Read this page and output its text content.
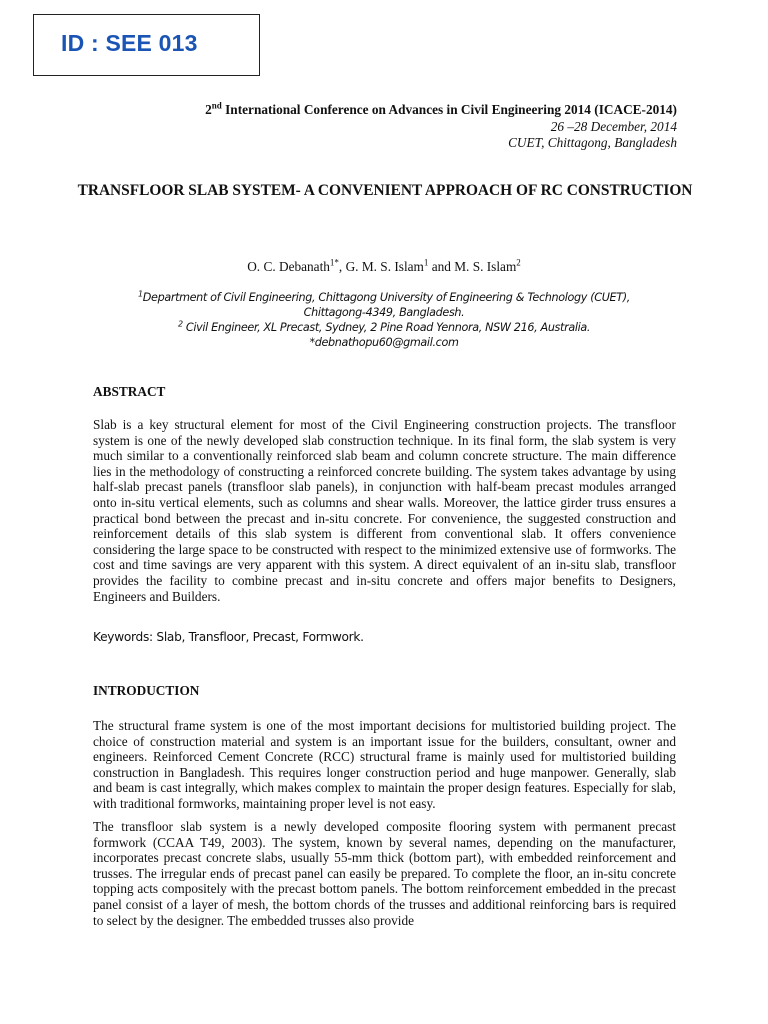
ID : SEE 013

2nd International Conference on Advances in Civil Engineering 2014 (ICACE-2014)
26 –28 December, 2014
CUET, Chittagong, Bangladesh
TRANSFLOOR SLAB SYSTEM- A CONVENIENT APPROACH OF RC CONSTRUCTION
O. C. Debanath$^{1*}$, G. M. S. Islam$^1$ and M. S. Islam$^2$
$^1$Department of Civil Engineering, Chittagong University of Engineering & Technology (CUET),
Chittagong-4349, Bangladesh.
$^2$ Civil Engineer, XL Precast, Sydney, 2 Pine Road Yennora, NSW 216, Australia.
*debnathopu60@gmail.com
ABSTRACT

Slab is a key structural element for most of the Civil Engineering construction projects. The transfloor system is one of the newly developed slab construction technique. In its final form, the slab system is very much similar to a conventionally reinforced slab beam and column concrete structure. The main difference lies in the methodology of constructing a reinforced concrete building. The system takes advantage by using half-slab precast panels (transfloor slab panels), in conjunction with half-beam precast modules arranged onto in-situ vertical elements, such as columns and shear walls. Moreover, the lattice girder truss ensures a practical bond between the precast and in-situ concrete. For convenience, the suggested construction and reinforcement details of this slab system is different from conventional slab. It offers convenience considering the large space to be constructed with respect to the minimized extensive use of formworks. The cost and time savings are very apparent with this system. A direct equivalent of an in-situ slab, transfloor provides the facility to combine precast and in-situ concrete and offers major benefits to Designers, Engineers and Builders.

Keywords: Slab, Transfloor, Precast, Formwork.
INTRODUCTION

The structural frame system is one of the most important decisions for multistoried building project. The choice of construction material and system is an important issue for the builders, consultant, owner and engineers. Reinforced Cement Concrete (RCC) structural frame is mainly used for multistoried building construction in Bangladesh. This requires longer construction period and huge manpower. Generally, slab and beam is cast integrally, which makes complex to maintain the proper design features. Especially for slab, with traditional formworks, maintaining proper level is not easy.

The transfloor slab system is a newly developed composite flooring system with permanent precast formwork (CCAA T49, 2003). The system, known by several names, depending on the manufacturer, incorporates precast concrete slabs, usually 55-mm thick (bottom part), with embedded reinforcement and trusses. The irregular ends of precast panel can easily be prepared. To complete the floor, an in-situ concrete topping acts compositely with the precast bottom panels. The bottom reinforcement embedded in the precast panel consist of a layer of mesh, the bottom chords of the trusses and additional reinforcing bars is required to select by the designer. The embedded trusses also provide
